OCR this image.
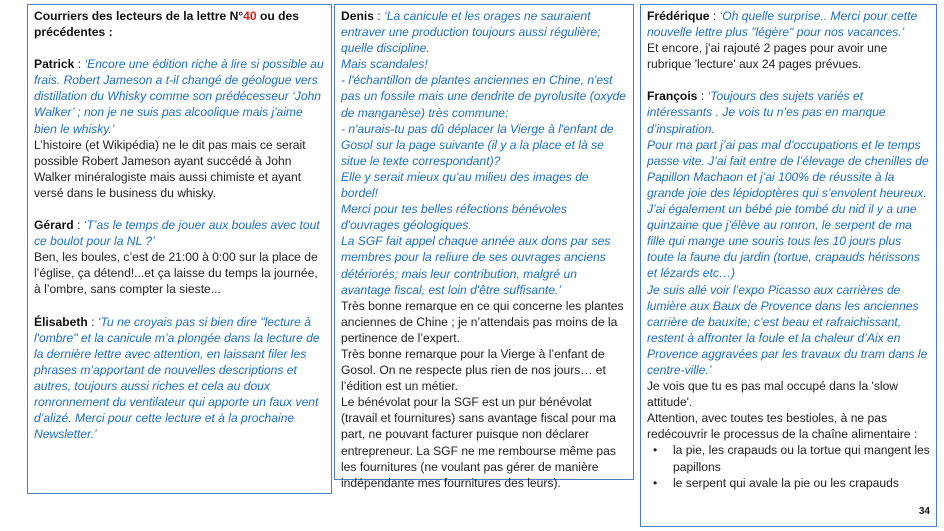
Courriers des lecteurs de la lettre N°40 ou des précédentes :

Patrick : ‘Encore une édition riche à lire si possible au frais. Robert Jameson a t-il changé de géologue vers distillation du Whisky comme son prédécesseur ‘John Walker’ ; non je ne suis pas alcoolique mais j'aime bien le whisky.’

L’histoire (et Wikipédia) ne le dit pas mais ce serait possible Robert Jameson ayant succédé à John Walker minéralogiste mais aussi chimiste et ayant versé dans le business du whisky.

Gérard : ‘T’as le temps de jouer aux boules avec tout ce boulot pour la NL ?’

Ben, les boules, c’est de 21:00 à 0:00 sur la place de l’église, ça détend!...et ça laisse du temps la journée, à l’ombre, sans compter la sieste...

Élisabeth : ‘Tu ne croyais pas si bien dire "lecture à l'ombre" et la canicule m’a plongée dans la lecture de la dernière lettre avec attention, en laissant filer les phrases m’apportant de nouvelles descriptions et autres, toujours aussi riches et cela au doux ronronnement du ventilateur qui apporte un faux vent d’alizé. Merci pour cette lecture et à la prochaine Newsletter.’

Denis : ‘La canicule et les orages ne sauraient entraver une production toujours aussi régulière; quelle discipline.

Mais scandales!

- l'échantillon de plantes anciennes en Chine, n'est pas un fossile mais une dendrite de pyrolusite (oxyde de manganèse) très commune;

- n'aurais-tu pas dû déplacer la Vierge à l'enfant de Gosol sur la page suivante (il y a la place et là se situe le texte correspondant)?

Elle y serait mieux qu'au milieu des images de bordel!

Merci pour tes belles réfections bénévoles d'ouvrages géologiques.

La SGF fait appel chaque année aux dons par ses membres pour la reliure de ses ouvrages anciens détériorés; mais leur contribution, malgré un avantage fiscal, est loin d'être suffisante.’

Très bonne remarque en ce qui concerne les plantes anciennes de Chine ; je n’attendais pas moins de la pertinence de l’expert.

Très bonne remarque pour la Vierge à l’enfant de Gosol. On ne respecte plus rien de nos jours… et l’édition est un métier.

Le bénévolat pour la SGF est un pur bénévolat (travail et fournitures) sans avantage fiscal pour ma part, ne pouvant facturer puisque non déclarer entrepreneur. La SGF ne me rembourse même pas les fournitures (ne voulant pas gérer de manière indépendante mes fournitures des leurs).

Frédérique : ‘Oh quelle surprise.. Merci pour cette nouvelle lettre plus "légère" pour nos vacances.’

Et encore, j'ai rajouté 2 pages pour avoir une rubrique 'lecture' aux 24 pages prévues.

François : ‘Toujours des sujets variés et intéressants . Je vois tu n’es pas en manque d’inspiration.

Pour ma part j’ai pas mal d’occupations et le temps passe vite. J’ai fait entre de l’élevage de chenilles de Papillon Machaon et j’ai 100% de réussite à la grande joie des lépidoptères qui s’envolent heureux.

J’ai également un bébé pie tombé du nid il y a une quinzaine que j’élève au ronron, le serpent de ma fille qui mange une souris tous les 10 jours plus toute la faune du jardin (tortue, crapauds hérissons et lézards etc…)

Je suis allé voir l’expo Picasso aux carrières de lumière aux Baux de Provence dans les anciennes carrière de bauxite; c’est beau et rafraichissant, restent à affronter la foule et la chaleur d’Aix en Provence aggravées par les travaux du tram dans le centre-ville.’

Je vois que tu es pas mal occupé dans la 'slow attitude'.

Attention, avec toutes tes bestioles, à ne pas redécouvrir le processus de la chaîne alimentaire :

• la pie, les crapauds ou la tortue qui mangent les papillons
• le serpent qui avale la pie ou les crapauds
34
